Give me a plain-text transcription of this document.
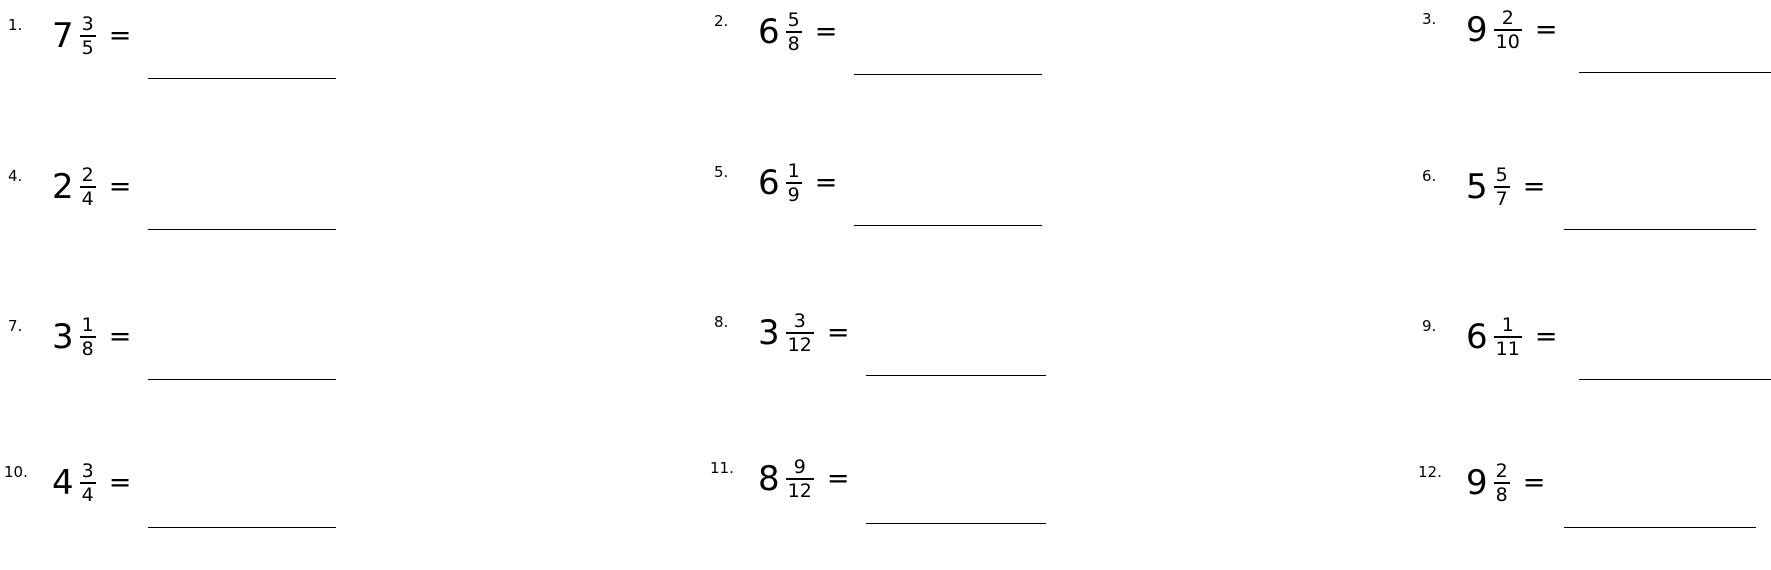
1. $7 \frac{3}{5}$ =	2. $6 \frac{5}{8}$ =	3. $9 \frac{2}{10}$ =
4. $2 \frac{2}{4}$ =	5. $6 \frac{1}{9}$ =	6. $5 \frac{5}{7}$ =
7. $3 \frac{1}{8}$ =	8. $3 \frac{3}{12}$ =	9. $6 \frac{1}{11}$ =
10. $4 \frac{3}{4}$ =	11. $8 \frac{9}{12}$ =	12. $9 \frac{2}{8}$ =
